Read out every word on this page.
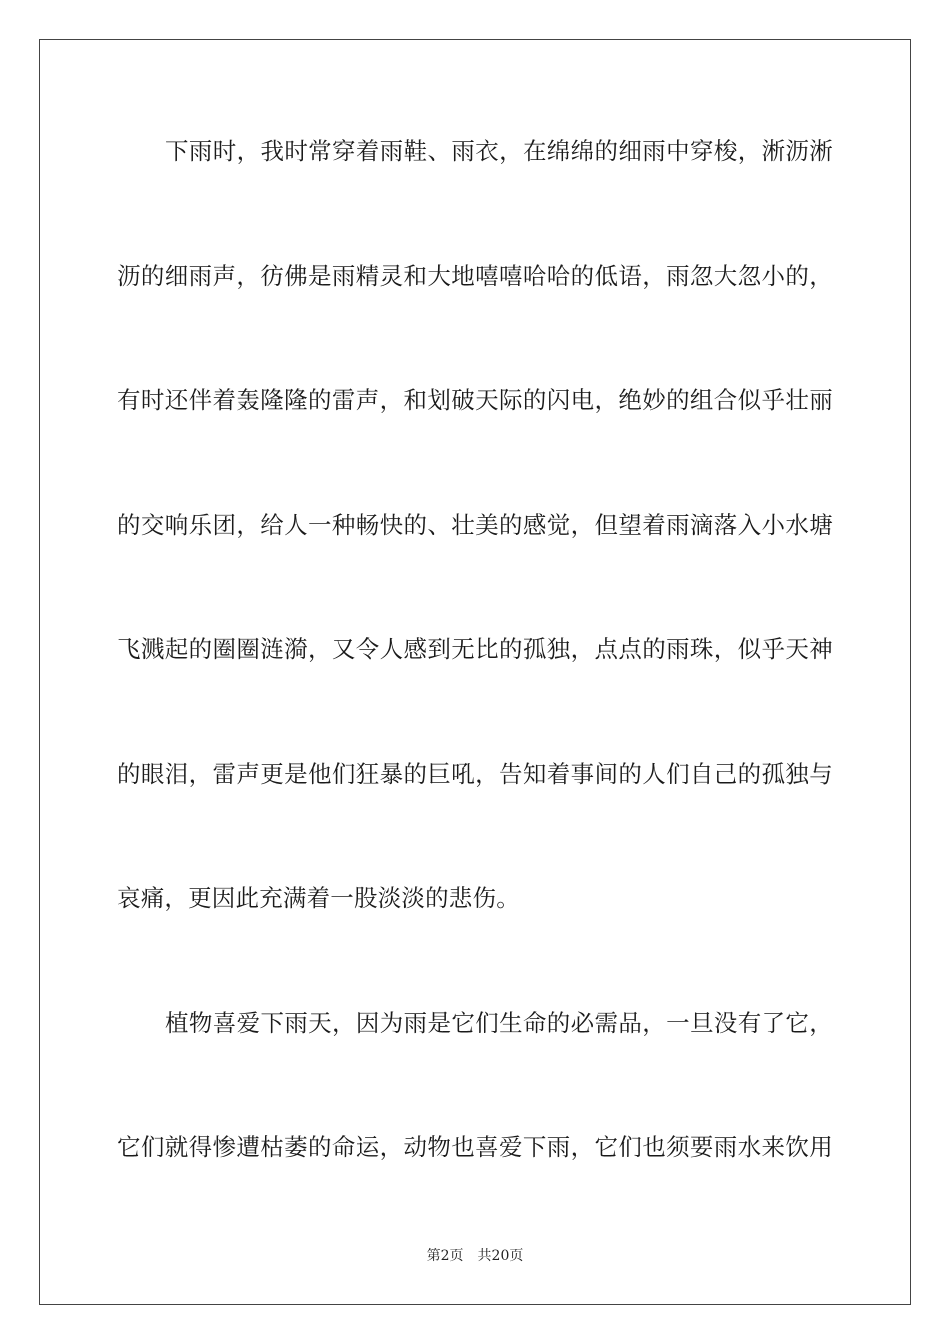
下雨时，我时常穿着雨鞋、雨衣，在绵绵的细雨中穿梭，淅沥淅
沥的细雨声，彷佛是雨精灵和大地嘻嘻哈哈的低语，雨忽大忽小的，
有时还伴着轰隆隆的雷声，和划破天际的闪电，绝妙的组合似乎壮丽
的交响乐团，给人一种畅快的、壮美的感觉，但望着雨滴落入小水塘
飞溅起的圈圈涟漪，又令人感到无比的孤独，点点的雨珠，似乎天神
的眼泪，雷声更是他们狂暴的巨吼，告知着事间的人们自己的孤独与
哀痛，更因此充满着一股淡淡的悲伤。
植物喜爱下雨天，因为雨是它们生命的必需品，一旦没有了它，
它们就得惨遭枯萎的命运，动物也喜爱下雨，它们也须要雨水来饮用
第2页 共20页
